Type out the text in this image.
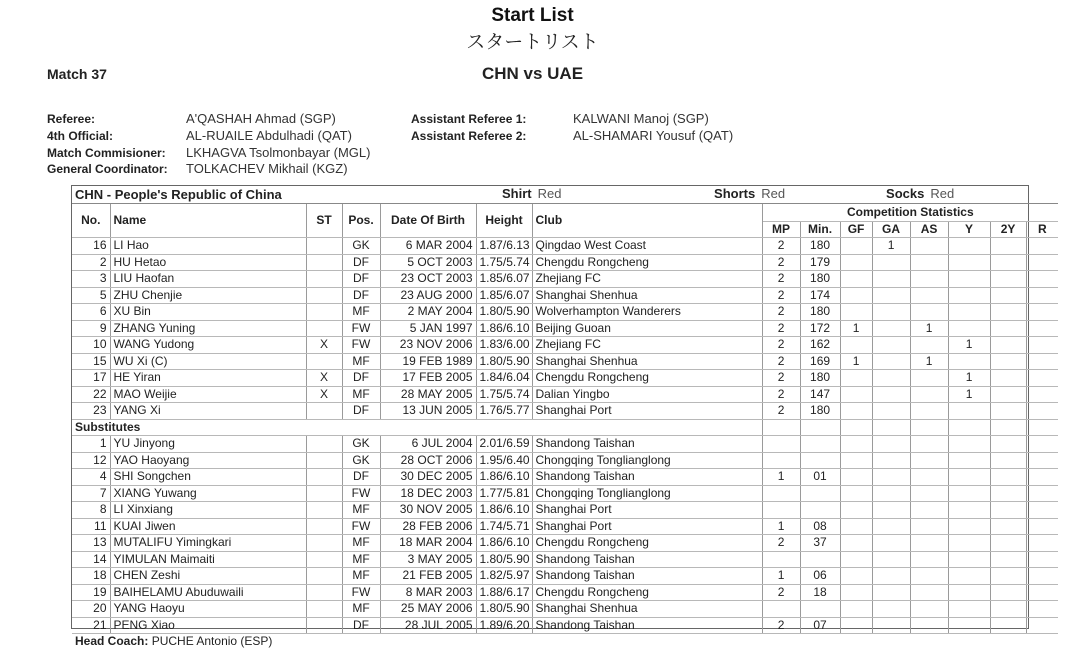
Start List
スタートリスト
Match 37	CHN vs UAE
Referee:	A'QASHAH Ahmad (SGP)
4th Official:	AL-RUAILE Abdulhadi (QAT)
Match Commisioner: LKHAGVA Tsolmonbayar (MGL)
General Coordinator: TOLKACHEV Mikhail (KGZ)
Assistant Referee 1:	KALWANI Manoj (SGP)
Assistant Referee 2:	AL-SHAMARI Yousuf (QAT)
CHN - People's Republic of China Shirt Red							Shorts Red Socks Red							

No.	Name	ST	Pos.	Date Of Birth	Height	Club	Competition Statistics							
							MP	Min.	GF	GA	AS	Y	2Y	R
16	LI Hao		GK	6 MAR 2004	1.87/6.13	Qingdao West Coast	2	180		1				
2	HU Hetao		DF	5 OCT 2003	1.75/5.74	Chengdu Rongcheng	2	179						
3	LIU Haofan		DF	23 OCT 2003	1.85/6.07	Zhejiang FC	2	180						
5	ZHU Chenjie		DF	23 AUG 2000	1.85/6.07	Shanghai Shenhua	2	174						
6	XU Bin		MF	2 MAY 2004	1.80/5.90	Wolverhampton Wanderers	2	180						
9	ZHANG Yuning		FW	5 JAN 1997	1.86/6.10	Beijing Guoan	2	172	1		1			
10	WANG Yudong	X	FW	23 NOV 2006	1.83/6.00	Zhejiang FC	2	162				1		
15	WU Xi (C)		MF	19 FEB 1989	1.80/5.90	Shanghai Shenhua	2	169	1		1			
17	HE Yiran	X	DF	17 FEB 2005	1.84/6.04	Chengdu Rongcheng	2	180				1		
22	MAO Weijie	X	MF	28 MAY 2005	1.75/5.74	Dalian Yingbo	2	147				1		
23	YANG Xi		DF	13 JUN 2005	1.76/5.77	Shanghai Port	2	180						
Substitutes														
1	YU Jinyong		GK	6 JUL 2004	2.01/6.59	Shandong Taishan								
12	YAO Haoyang		GK	28 OCT 2006	1.95/6.40	Chongqing Tonglianglong								
4	SHI Songchen		DF	30 DEC 2005	1.86/6.10	Shandong Taishan	1	01						
7	XIANG Yuwang		FW	18 DEC 2003	1.77/5.81	Chongqing Tonglianglong								
8	LI Xinxiang		MF	30 NOV 2005	1.86/6.10	Shanghai Port								
11	KUAI Jiwen		FW	28 FEB 2006	1.74/5.71	Shanghai Port	1	08						
13	MUTALIFU Yimingkari		MF	18 MAR 2004	1.86/6.10	Chengdu Rongcheng	2	37						
14	YIMULAN Maimaiti		MF	3 MAY 2005	1.80/5.90	Shandong Taishan								
18	CHEN Zeshi		MF	21 FEB 2005	1.82/5.97	Shandong Taishan	1	06						
19	BAIHELAMU Abuduwaili		FW	8 MAR 2003	1.88/6.17	Chengdu Rongcheng	2	18						
20	YANG Haoyu		MF	25 MAY 2006	1.80/5.90	Shanghai Shenhua								
21	PENG Xiao		DF	28 JUL 2005	1.89/6.20	Shandong Taishan	2	07						
Head Coach: PUCHE Antonio (ESP)														
